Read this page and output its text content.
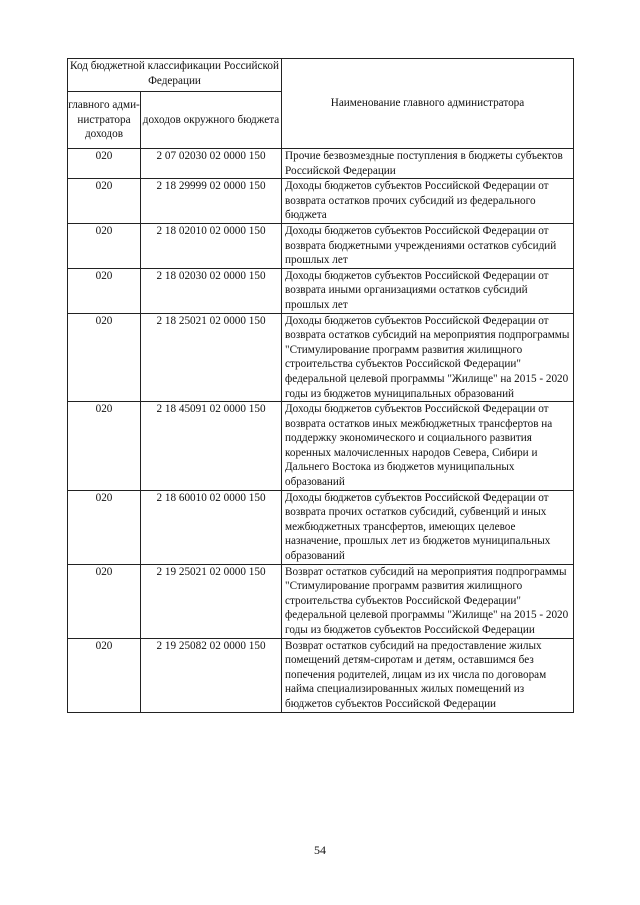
Код бюджетной классификации Российской Федерации		Наименование главного администратора
главного адми-нистратора доходов	доходов окружного бюджета	
020	2 07 02030 02 0000 150	Прочие безвозмездные поступления в бюджеты субъектов Российской Федерации
020	2 18 29999 02 0000 150	Доходы бюджетов субъектов Российской Федерации от возврата остатков прочих субсидий из федерального бюджета
020	2 18 02010 02 0000 150	Доходы бюджетов субъектов Российской Федерации от возврата бюджетными учреждениями остатков субсидий прошлых лет
020	2 18 02030 02 0000 150	Доходы бюджетов субъектов Российской Федерации от возврата иными организациями остатков субсидий прошлых лет
020	2 18 25021 02 0000 150	Доходы бюджетов субъектов Российской Федерации от возврата остатков субсидий на мероприятия подпрограммы "Стимулирование программ развития жилищного строительства субъектов Российской Федерации" федеральной целевой программы "Жилище" на 2015 - 2020 годы из бюджетов муниципальных образований
020	2 18 45091 02 0000 150	Доходы бюджетов субъектов Российской Федерации от возврата остатков иных межбюджетных трансфертов на поддержку экономического и социального развития коренных малочисленных народов Севера, Сибири и Дальнего Востока из бюджетов муниципальных образований
020	2 18 60010 02 0000 150	Доходы бюджетов субъектов Российской Федерации от возврата прочих остатков субсидий, субвенций и иных межбюджетных трансфертов, имеющих целевое назначение, прошлых лет из бюджетов муниципальных образований
020	2 19 25021 02 0000 150	Возврат остатков субсидий на мероприятия подпрограммы "Стимулирование программ развития жилищного строительства субъектов Российской Федерации" федеральной целевой программы "Жилище" на 2015 - 2020 годы из бюджетов субъектов Российской Федерации
020	2 19 25082 02 0000 150	Возврат остатков субсидий на предоставление жилых помещений детям-сиротам и детям, оставшимся без попечения родителей, лицам из их числа по договорам найма специализированных жилых помещений из бюджетов субъектов Российской Федерации
54
